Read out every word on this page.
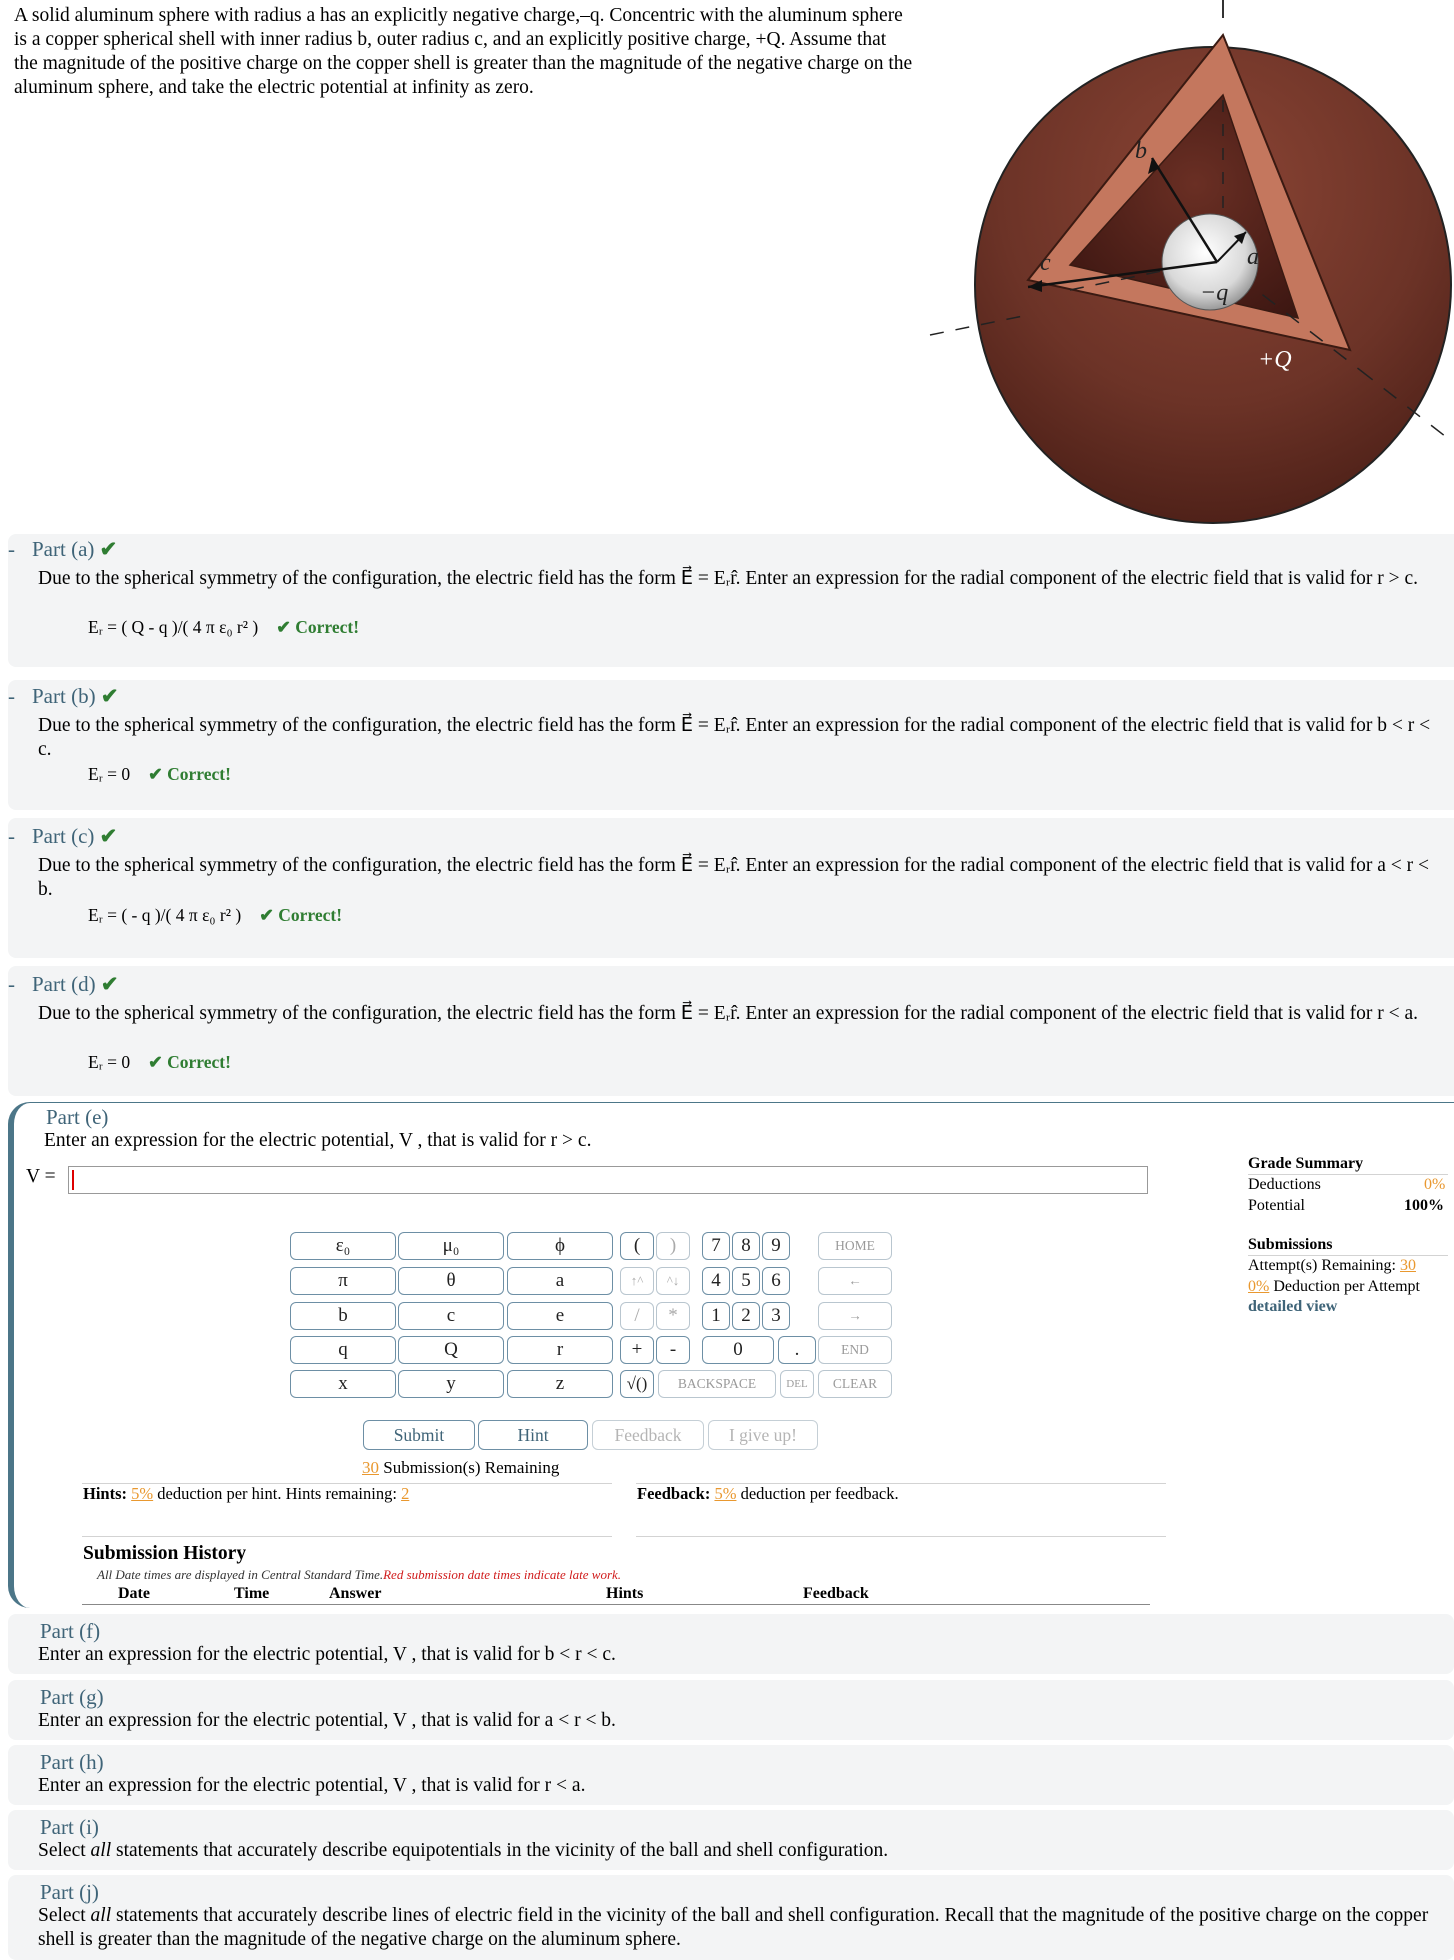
A solid aluminum sphere with radius a has an explicitly negative charge,–q. Concentric with the aluminum sphere is a copper spherical shell with inner radius b, outer radius c, and an explicitly positive charge, +Q. Assume that the magnitude of the positive charge on the copper shell is greater than the magnitude of the negative charge on the aluminum sphere, and take the electric potential at infinity as zero.
b
c	a
−q
+Q
- Part (a) ✔
Due to the spherical symmetry of the configuration, the electric field has the form E⃗ = Eᵣr̂. Enter an expression for the radial component of the electric field that is valid for r > c.
Eᵣ = ( Q - q )/( 4 π ε₀ r² ) ✔ Correct!
- Part (b) ✔
Due to the spherical symmetry of the configuration, the electric field has the form E⃗ = Eᵣr̂. Enter an expression for the radial component of the electric field that is valid for b < r < c.
Eᵣ = 0 ✔ Correct!
- Part (c) ✔
Due to the spherical symmetry of the configuration, the electric field has the form E⃗ = Eᵣr̂. Enter an expression for the radial component of the electric field that is valid for a < r < b.
Eᵣ = ( - q )/( 4 π ε₀ r² ) ✔ Correct!
- Part (d) ✔
Due to the spherical symmetry of the configuration, the electric field has the form E⃗ = Eᵣr̂. Enter an expression for the radial component of the electric field that is valid for r < a.
Eᵣ = 0 ✔ Correct!
Part (e)
Enter an expression for the electric potential, V , that is valid for r > c.
V =
ε₀	μ₀	ϕ
π	θ	a
b	c	e
q	Q	r
x	y	z
(	)
↑^	^↓
/	*
+	-
√()	BACKSPACE
7	8	9
4	5	6
1	2	3
0	.
DEL
HOME
←
→
END
CLEAR
Submit	Hint	Feedback	I give up!
30 Submission(s) Remaining
Hints: 5% deduction per hint. Hints remaining: 2	Feedback: 5% deduction per feedback.
Submission History
All Date times are displayed in Central Standard Time.Red submission date times indicate late work.
Date	Time	Answer	Hints	Feedback
Grade Summary
Deductions	0%
Potential	100%
Submissions
Attempt(s) Remaining: 30
0% Deduction per Attempt
detailed view
Part (f)
Enter an expression for the electric potential, V , that is valid for b < r < c.
Part (g)
Enter an expression for the electric potential, V , that is valid for a < r < b.
Part (h)
Enter an expression for the electric potential, V , that is valid for r < a.
Part (i)
Select all statements that accurately describe equipotentials in the vicinity of the ball and shell configuration.
Part (j)
Select all statements that accurately describe lines of electric field in the vicinity of the ball and shell configuration. Recall that the magnitude of the positive charge on the copper shell is greater than the magnitude of the negative charge on the aluminum sphere.
